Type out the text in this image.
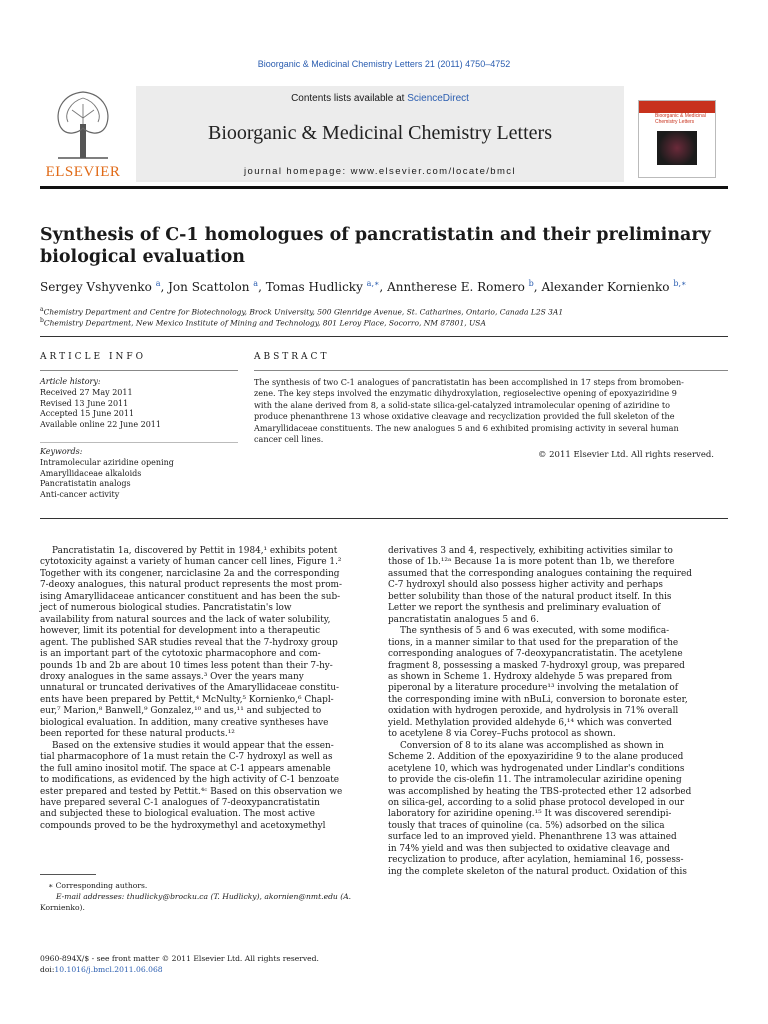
Bioorganic & Medicinal Chemistry Letters 21 (2011) 4750–4752
ELSEVIER
Contents lists available at ScienceDirect
Bioorganic & Medicinal Chemistry Letters
journal homepage: www.elsevier.com/locate/bmcl
Bioorganic & Medicinal Chemistry Letters
Synthesis of C-1 homologues of pancratistatin and their preliminary
biological evaluation
Sergey Vshyvenko $^a$, Jon Scattolon $^a$, Tomas Hudlicky $^{a,∗}$, Anntherese E. Romero $^b$, Alexander Kornienko $^{b,∗}$
$^a$Chemistry Department and Centre for Biotechnology, Brock University, 500 Glenridge Avenue, St. Catharines, Ontario, Canada L2S 3A1
$^b$Chemistry Department, New Mexico Institute of Mining and Technology, 801 Leroy Place, Socorro, NM 87801, USA
ARTICLE INFO	ABSTRACT
Article history:
Received 27 May 2011
Revised 13 June 2011
Accepted 15 June 2011
Available online 22 June 2011
Keywords:
Intramolecular aziridine opening
Amaryllidaceae alkaloids
Pancratistatin analogs
Anti-cancer activity
The synthesis of two C-1 analogues of pancratistatin has been accomplished in 17 steps from bromoben-
zene. The key steps involved the enzymatic dihydroxylation, regioselective opening of epoxyaziridine 9
with the alane derived from 8, a solid-state silica-gel-catalyzed intramolecular opening of aziridine to
produce phenanthrene 13 whose oxidative cleavage and recyclization provided the full skeleton of the
Amaryllidaceae constituents. The new analogues 5 and 6 exhibited promising activity in several human
cancer cell lines.
© 2011 Elsevier Ltd. All rights reserved.

Pancratistatin 1a, discovered by Pettit in 1984,¹ exhibits potent
cytotoxicity against a variety of human cancer cell lines, Figure 1.²
Together with its congener, narciclasine 2a and the corresponding
7-deoxy analogues, this natural product represents the most prom-
ising Amaryllidaceae anticancer constituent and has been the sub-
ject of numerous biological studies. Pancratistatin's low
availability from natural sources and the lack of water solubility,
however, limit its potential for development into a therapeutic
agent. The published SAR studies reveal that the 7-hydroxy group
is an important part of the cytotoxic pharmacophore and com-
pounds 1b and 2b are about 10 times less potent than their 7-hy-
droxy analogues in the same assays.³ Over the years many
unnatural or truncated derivatives of the Amaryllidaceae constitu-
ents have been prepared by Pettit,⁴ McNulty,⁵ Kornienko,⁶ Chapl-
eur,⁷ Marion,⁸ Banwell,⁹ Gonzalez,¹⁰ and us,¹¹ and subjected to
biological evaluation. In addition, many creative syntheses have
been reported for these natural products.¹²

Based on the extensive studies it would appear that the essen-
tial pharmacophore of 1a must retain the C-7 hydroxyl as well as
the full amino inositol motif. The space at C-1 appears amenable
to modifications, as evidenced by the high activity of C-1 benzoate
ester prepared and tested by Pettit.⁴ᶜ Based on this observation we
have prepared several C-1 analogues of 7-deoxypancratistatin
and subjected these to biological evaluation. The most active
compounds proved to be the hydroxymethyl and acetoxymethyl

derivatives 3 and 4, respectively, exhibiting activities similar to
those of 1b.¹²ᵃ Because 1a is more potent than 1b, we therefore
assumed that the corresponding analogues containing the required
C-7 hydroxyl should also possess higher activity and perhaps
better solubility than those of the natural product itself. In this
Letter we report the synthesis and preliminary evaluation of
pancratistatin analogues 5 and 6.

The synthesis of 5 and 6 was executed, with some modifica-
tions, in a manner similar to that used for the preparation of the
corresponding analogues of 7-deoxypancratistatin. The acetylene
fragment 8, possessing a masked 7-hydroxyl group, was prepared
as shown in Scheme 1. Hydroxy aldehyde 5 was prepared from
piperonal by a literature procedure¹³ involving the metalation of
the corresponding imine with nBuLi, conversion to boronate ester,
oxidation with hydrogen peroxide, and hydrolysis in 71% overall
yield. Methylation provided aldehyde 6,¹⁴ which was converted
to acetylene 8 via Corey–Fuchs protocol as shown.

Conversion of 8 to its alane was accomplished as shown in
Scheme 2. Addition of the epoxyaziridine 9 to the alane produced
acetylene 10, which was hydrogenated under Lindlar's conditions
to provide the cis-olefin 11. The intramolecular aziridine opening
was accomplished by heating the TBS-protected ether 12 adsorbed
on silica-gel, according to a solid phase protocol developed in our
laboratory for aziridine opening.¹⁵ It was discovered serendipi-
tously that traces of quinoline (ca. 5%) adsorbed on the silica
surface led to an improved yield. Phenanthrene 13 was attained
in 74% yield and was then subjected to oxidative cleavage and
recyclization to produce, after acylation, hemiaminal 16, possess-
ing the complete skeleton of the natural product. Oxidation of this

∗ Corresponding authors.
E-mail addresses: thudlicky@brocku.ca (T. Hudlicky), akornien@nmt.edu (A.
Kornienko).
0960-894X/$ - see front matter © 2011 Elsevier Ltd. All rights reserved.
doi:10.1016/j.bmcl.2011.06.068
